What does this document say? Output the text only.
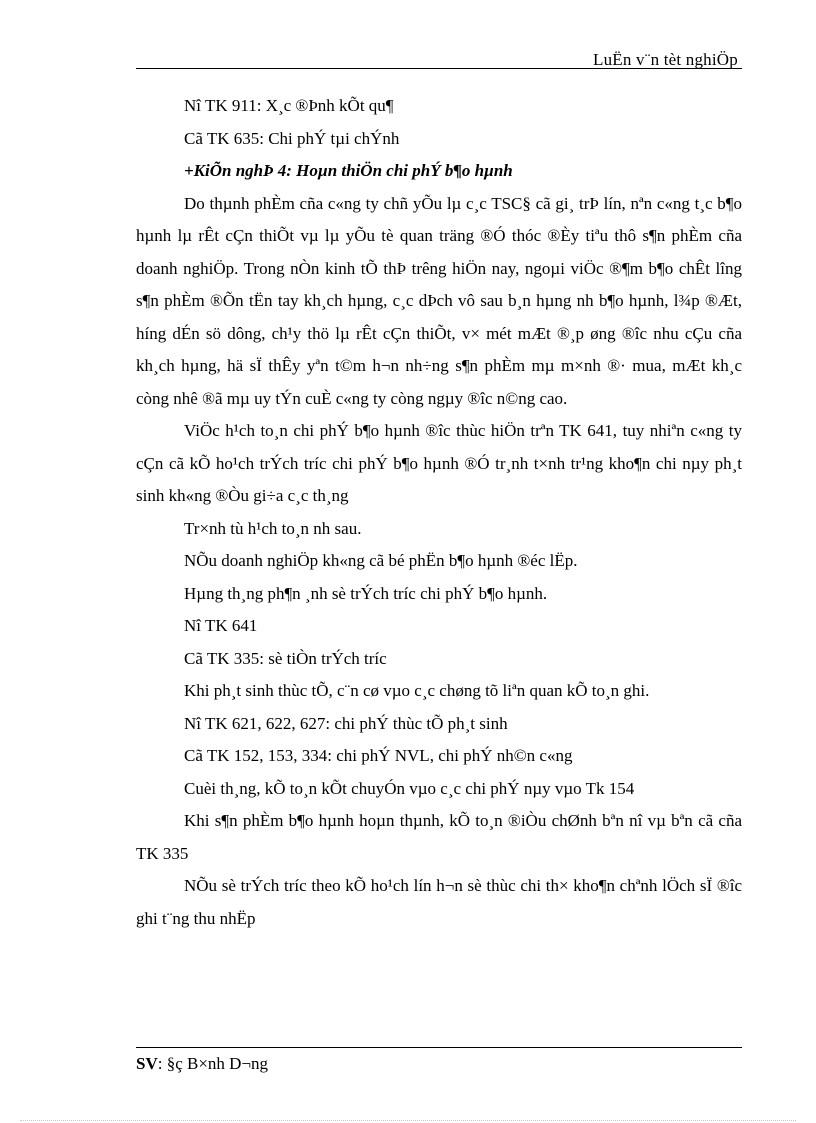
LuËn v¨n tèt nghiÖp

Nî TK 911: X¸c ®Þnh kÕt qu¶

Cã TK 635: Chi phÝ tµi chÝnh

+KiÕn nghÞ 4: Hoµn thiÖn chi phÝ b¶o hµnh

Do thµnh phÈm cña c«ng ty chñ yÕu lµ c¸c TSC§ cã gi¸ trÞ lín, nªn c«ng t¸c b¶o hµnh lµ rÊt cÇn thiÕt vµ lµ yÕu tè quan träng ®Ó thóc ®Èy tiªu thô s¶n phÈm cña doanh nghiÖp. Trong nÒn kinh tÕ thÞ trêng hiÖn nay, ngoµi viÖc ®¶m b¶o chÊt lîng s¶n phÈm ®Õn tËn tay kh¸ch hµng, c¸c dÞch vô sau b¸n hµng nh b¶o hµnh, l¾p ®Æt, híng dÉn sö dông, ch¹y thö lµ rÊt cÇn thiÕt, v× mét mÆt ®¸p øng ®îc nhu cÇu cña kh¸ch hµng, hä sÏ thÊy yªn t©m h¬n nh÷ng s¶n phÈm mµ m×nh ®· mua, mÆt kh¸c còng nhê ®ã mµ uy tÝn cuÈ c«ng ty còng ngµy ®îc n©ng cao.

ViÖc h¹ch to¸n chi phÝ b¶o hµnh ®îc thùc hiÖn trªn TK 641, tuy nhiªn c«ng ty cÇn cã kÕ ho¹ch trÝch tríc chi phÝ b¶o hµnh ®Ó tr¸nh t×nh tr¹ng kho¶n chi nµy ph¸t sinh kh«ng ®Òu gi÷a c¸c th¸ng

Tr×nh tù h¹ch to¸n nh sau.

NÕu doanh nghiÖp kh«ng cã bé phËn b¶o hµnh ®éc lËp.

Hµng th¸ng ph¶n ¸nh sè trÝch tríc chi phÝ b¶o hµnh.

Nî TK 641

Cã TK 335: sè tiÒn trÝch tríc

Khi ph¸t sinh thùc tÕ, c¨n cø vµo c¸c chøng tõ liªn quan kÕ to¸n ghi.

Nî TK 621, 622, 627: chi phÝ thùc tÕ ph¸t sinh

Cã TK 152, 153, 334: chi phÝ NVL, chi phÝ nh©n c«ng

Cuèi th¸ng, kÕ to¸n kÕt chuyÓn vµo c¸c chi phÝ nµy vµo Tk 154

Khi s¶n phÈm b¶o hµnh hoµn thµnh, kÕ to¸n ®iÒu chØnh bªn nî vµ bªn cã cña TK 335

NÕu sè trÝch tríc theo kÕ ho¹ch lín h¬n sè thùc chi th× kho¶n chªnh lÖch sÏ ®îc ghi t¨ng thu nhËp

SV: §ç B×nh D¬ng
